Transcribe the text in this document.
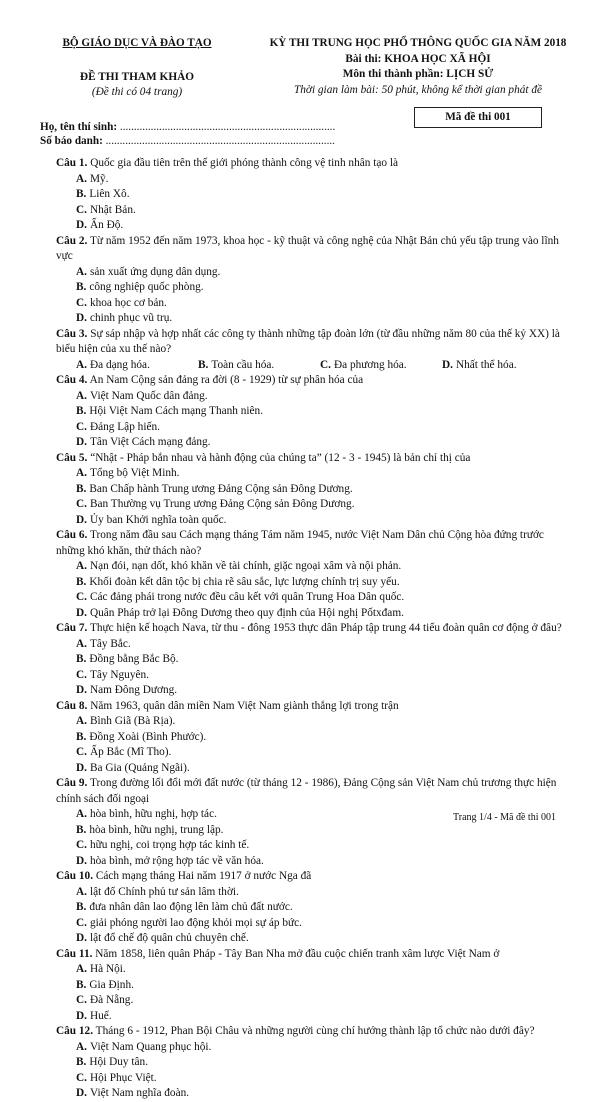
BỘ GIÁO DỤC VÀ ĐÀO TẠO
ĐỀ THI THAM KHẢO
(Đề thi có 04 trang)
KỲ THI TRUNG HỌC PHỔ THÔNG QUỐC GIA NĂM 2018
Bài thi: KHOA HỌC XÃ HỘI
Môn thi thành phần: LỊCH SỬ
Thời gian làm bài: 50 phút, không kể thời gian phát đề
Họ, tên thí sinh: .............................................................................
Số báo danh: ..................................................................................
Mã đề thi 001
Câu 1. Quốc gia đầu tiên trên thế giới phóng thành công vệ tinh nhân tạo là
A. Mỹ.
B. Liên Xô.
C. Nhật Bản.
D. Ấn Độ.
Câu 2. Từ năm 1952 đến năm 1973, khoa học - kỹ thuật và công nghệ của Nhật Bản chủ yếu tập trung vào lĩnh vực
A. sản xuất ứng dụng dân dụng.
B. công nghiệp quốc phòng.
C. khoa học cơ bản.
D. chinh phục vũ trụ.
Câu 3. Sự sáp nhập và hợp nhất các công ty thành những tập đoàn lớn (từ đầu những năm 80 của thế kỷ XX) là biểu hiện của xu thế nào?
A. Đa dạng hóa.	B. Toàn cầu hóa.	C. Đa phương hóa.	D. Nhất thể hóa.
Câu 4. An Nam Cộng sản đảng ra đời (8 - 1929) từ sự phân hóa của
A. Việt Nam Quốc dân đảng.
B. Hội Việt Nam Cách mạng Thanh niên.
C. Đảng Lập hiến.
D. Tân Việt Cách mạng đảng.
Câu 5. “Nhật - Pháp bắn nhau và hành động của chúng ta” (12 - 3 - 1945) là bản chỉ thị của
A. Tổng bộ Việt Minh.
B. Ban Chấp hành Trung ương Đảng Cộng sản Đông Dương.
C. Ban Thường vụ Trung ương Đảng Cộng sản Đông Dương.
D. Ủy ban Khởi nghĩa toàn quốc.
Câu 6. Trong năm đầu sau Cách mạng tháng Tám năm 1945, nước Việt Nam Dân chủ Cộng hòa đứng trước những khó khăn, thử thách nào?
A. Nạn đói, nạn dốt, khó khăn về tài chính, giặc ngoại xâm và nội phản.
B. Khối đoàn kết dân tộc bị chia rẽ sâu sắc, lực lượng chính trị suy yếu.
C. Các đảng phái trong nước đều câu kết với quân Trung Hoa Dân quốc.
D. Quân Pháp trở lại Đông Dương theo quy định của Hội nghị Pốtxđam.
Câu 7. Thực hiện kế hoạch Nava, từ thu - đông 1953 thực dân Pháp tập trung 44 tiểu đoàn quân cơ động ở đâu?
A. Tây Bắc.
B. Đồng bằng Bắc Bộ.
C. Tây Nguyên.
D. Nam Đông Dương.
Câu 8. Năm 1963, quân dân miền Nam Việt Nam giành thắng lợi trong trận
A. Bình Giã (Bà Rịa).
B. Đồng Xoài (Bình Phước).
C. Ấp Bắc (Mĩ Tho).
D. Ba Gia (Quảng Ngãi).
Câu 9. Trong đường lối đổi mới đất nước (từ tháng 12 - 1986), Đảng Cộng sản Việt Nam chủ trương thực hiện chính sách đối ngoại
A. hòa bình, hữu nghị, hợp tác.
B. hòa bình, hữu nghị, trung lập.
C. hữu nghị, coi trọng hợp tác kinh tế.
D. hòa bình, mở rộng hợp tác về văn hóa.
Câu 10. Cách mạng tháng Hai năm 1917 ở nước Nga đã
A. lật đổ Chính phủ tư sản lâm thời.
B. đưa nhân dân lao động lên làm chủ đất nước.
C. giải phóng người lao động khỏi mọi sự áp bức.
D. lật đổ chế độ quân chủ chuyên chế.
Câu 11. Năm 1858, liên quân Pháp - Tây Ban Nha mở đầu cuộc chiến tranh xâm lược Việt Nam ở
A. Hà Nội.
B. Gia Định.
C. Đà Nẵng.
D. Huế.
Câu 12. Tháng 6 - 1912, Phan Bội Châu và những người cùng chí hướng thành lập tổ chức nào dưới đây?
A. Việt Nam Quang phục hội.
B. Hội Duy tân.
C. Hội Phục Việt.
D. Việt Nam nghĩa đoàn.
Trang 1/4 - Mã đề thi 001
